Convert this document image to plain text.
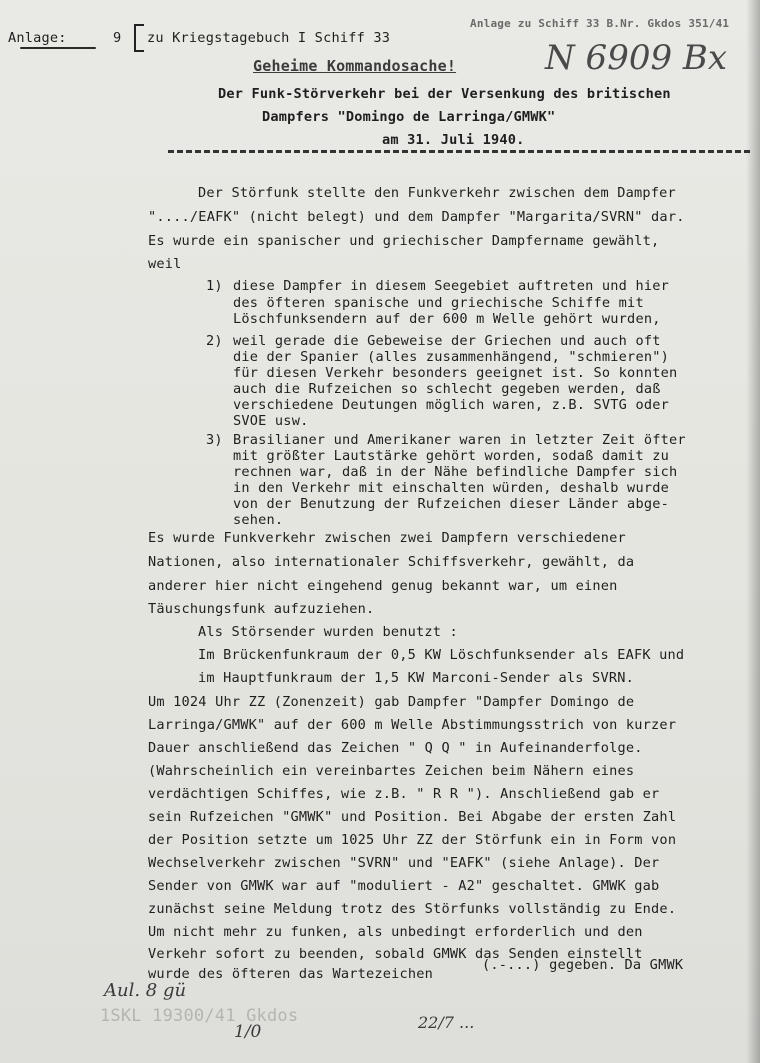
Anlage:	9 zu Kriegstagebuch I Schiff 33
Anlage zu Schiff 33 B.Nr. Gkdos 351/41
N 6909 Bx
Geheime Kommandosache!
Der Funk-Störverkehr bei der Versenkung des britischen
Dampfers "Domingo de Larringa/GMWK"
am 31. Juli 1940.
Der Störfunk stellte den Funkverkehr zwischen dem Dampfer
"..../EAFK" (nicht belegt) und dem Dampfer "Margarita/SVRN" dar.
Es wurde ein spanischer und griechischer Dampfername gewählt,
weil
1) diese Dampfer in diesem Seegebiet auftreten und hier
des öfteren spanische und griechische Schiffe mit
Löschfunksendern auf der 600 m Welle gehört wurden,
2) weil gerade die Gebeweise der Griechen und auch oft
die der Spanier (alles zusammenhängend, "schmieren")
für diesen Verkehr besonders geeignet ist. So konnten
auch die Rufzeichen so schlecht gegeben werden, daß
verschiedene Deutungen möglich waren, z.B. SVTG oder
SVOE usw.
3) Brasilianer und Amerikaner waren in letzter Zeit öfter
mit größter Lautstärke gehört worden, sodaß damit zu
rechnen war, daß in der Nähe befindliche Dampfer sich
in den Verkehr mit einschalten würden, deshalb wurde
von der Benutzung der Rufzeichen dieser Länder abge-
sehen.
Es wurde Funkverkehr zwischen zwei Dampfern verschiedener
Nationen, also internationaler Schiffsverkehr, gewählt, da
anderer hier nicht eingehend genug bekannt war, um einen
Täuschungsfunk aufzuziehen.
Als Störsender wurden benutzt :
Im Brückenfunkraum der 0,5 KW Löschfunksender als EAFK und
im Hauptfunkraum der 1,5 KW Marconi-Sender als SVRN.
Um 1024 Uhr ZZ (Zonenzeit) gab Dampfer "Dampfer Domingo de
Larringa/GMWK" auf der 600 m Welle Abstimmungsstrich von kurzer
Dauer anschließend das Zeichen " Q Q " in Aufeinanderfolge.
(Wahrscheinlich ein vereinbartes Zeichen beim Nähern eines
verdächtigen Schiffes, wie z.B. " R R "). Anschließend gab er
sein Rufzeichen "GMWK" und Position. Bei Abgabe der ersten Zahl
der Position setzte um 1025 Uhr ZZ der Störfunk ein in Form von
Wechselverkehr zwischen "SVRN" und "EAFK" (siehe Anlage). Der
Sender von GMWK war auf "moduliert - A2" geschaltet. GMWK gab
zunächst seine Meldung trotz des Störfunks vollständig zu Ende.
Um nicht mehr zu funken, als unbedingt erforderlich und den
Verkehr sofort zu beenden, sobald GMWK das Senden einstellt
wurde des öfteren das Wartezeichen
(.-...) gegeben. Da GMWK
Aul. 8 gü
1SKL 19300/41 Gkdos
1/0	22/7 ...
